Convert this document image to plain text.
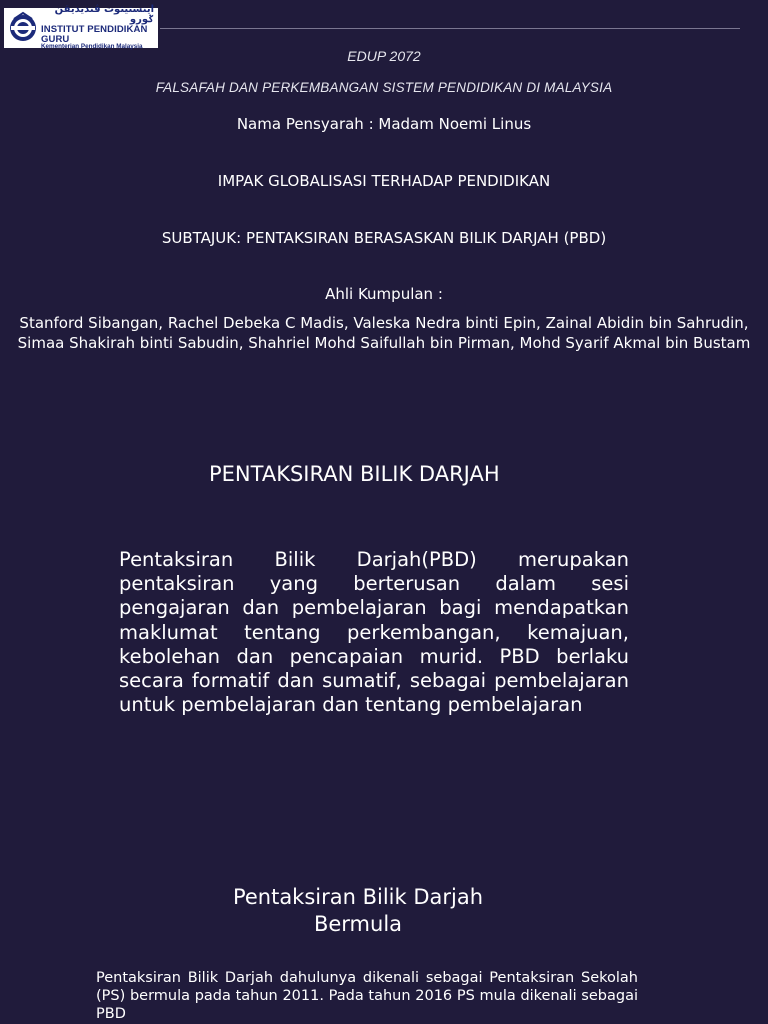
اينستيتوت ڤنديديقن ݢورو
INSTITUT PENDIDIKAN GURU
Kementerian Pendidikan Malaysia
EDUP 2072
FALSAFAH DAN PERKEMBANGAN SISTEM PENDIDIKAN DI MALAYSIA
Nama Pensyarah : Madam Noemi Linus
IMPAK GLOBALISASI TERHADAP PENDIDIKAN
SUBTAJUK: PENTAKSIRAN BERASASKAN BILIK DARJAH (PBD)
Ahli Kumpulan :
Stanford Sibangan, Rachel Debeka C Madis, Valeska Nedra binti Epin, Zainal Abidin bin Sahrudin,
Simaa Shakirah binti Sabudin, Shahriel Mohd Saifullah bin Pirman, Mohd Syarif Akmal bin Bustam
PENTAKSIRAN BILIK DARJAH
Pentaksiran Bilik Darjah(PBD) merupakan pentaksiran yang berterusan dalam sesi pengajaran dan pembelajaran bagi mendapatkan maklumat tentang perkembangan, kemajuan, kebolehan dan pencapaian murid. PBD berlaku secara formatif dan sumatif, sebagai pembelajaran untuk pembelajaran dan tentang pembelajaran
Pentaksiran Bilik Darjah
Bermula
Pentaksiran Bilik Darjah dahulunya dikenali sebagai Pentaksiran Sekolah (PS) bermula pada tahun 2011. Pada tahun 2016 PS mula dikenali sebagai PBD
